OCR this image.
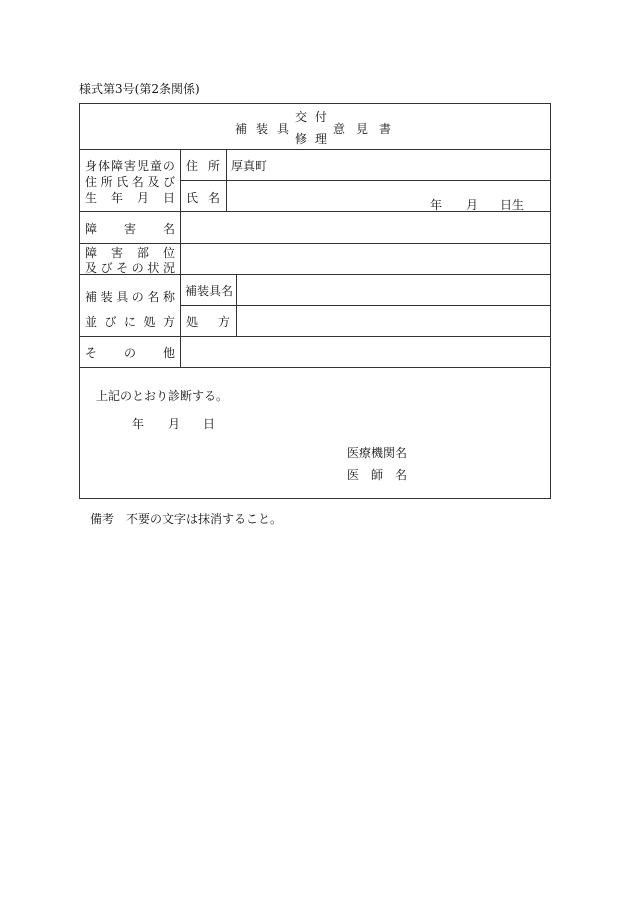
様式第3号(第2条関係)
補 装 具
交 付
修 理
意 見 書
身 体 障 害 児 童 の
住 所 氏 名 及 び
生 年 月 日
住 所 厚真町
氏 名	年 月 日生
障 害 名
障 害 部 位
及 び そ の 状 況
補 装 具 の 名 称
並 び に 処 方
補装具名
処 方
そ の 他
上記のとおり診断する。
年 月 日
医療機関名
医　師　名
備考　不要の文字は抹消すること。
